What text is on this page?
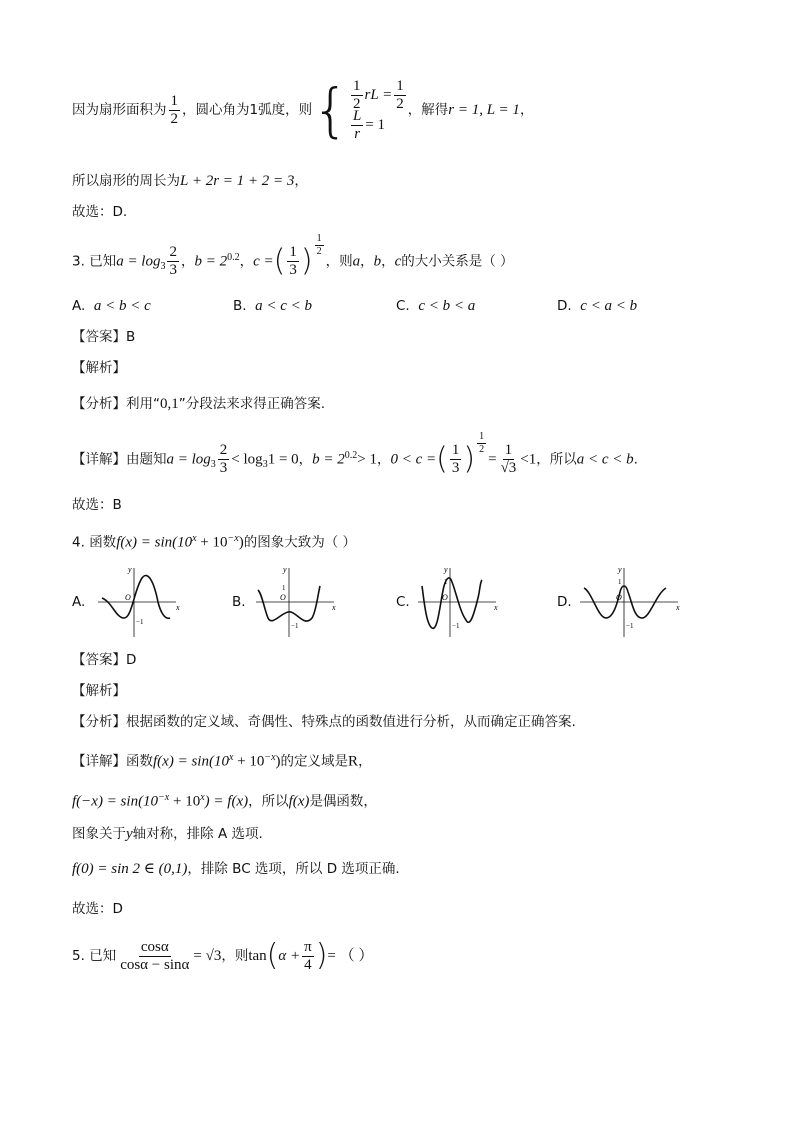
因为扇形面积为 $\frac{1}{2}$ ，圆心角为1弧度，则{ $\frac{1}{2}$ rL = $\frac{1}{2}$
$\frac{L}{r} = 1$
，解得r = 1, L = 1，
所以扇形的周长为L + 2r = 1 + 2 = 3，
故选：D.
3. 已知$a = \log_3 \frac{2}{3}$ ，$b = 2^{0.2}$，c =( $\frac{1}{3}$ ) $\frac{1}{2}$
，则a，b，c的大小关系是（ ）
A. a < b < c	B. a < c < b	C. c < b < a	D. c < a < b
【答案】B
【解析】
【分析】利用“0,1”分段法来求得正确答案.
【详解】由题知$a = \log_3 \frac{2}{3} < \log_31 = 0$，$b = 2^{0.2}> 1$，0 < c =( $\frac{1}{3}$ ) $\frac{1}{2}$
= $\frac{1}{√3} <1$，所以a < c < b.
故选：B
4. 函数$f(x) = \sin(10^x + 10^{-x})$的图象大致为（ ）
A.
y
x
O
−1
B.
y
x
1
O
−1
C.
y
x
1
O
−1
D.
y
x
1
O
−1
【答案】D
【解析】
【分析】根据函数的定义域、奇偶性、特殊点的函数值进行分析，从而确定正确答案.
【详解】函数$f(x) = \sin(10^x + 10^{-x})$的定义域是R，
$f(-x) = \sin(10^{-x} + 10^x) = f(x)$，所以f(x)是偶函数，
图象关于y轴对称，排除 A 选项.
f(0) = sin 2 ∈ (0,1)，排除 BC 选项，所以 D 选项正确.
故选：D
5. 已知 $\frac{\cos\alpha}{\cos\alpha - \sin\alpha} = √3$，则$\tan(\alpha + \frac{\pi}{4}$ )= （ ）
